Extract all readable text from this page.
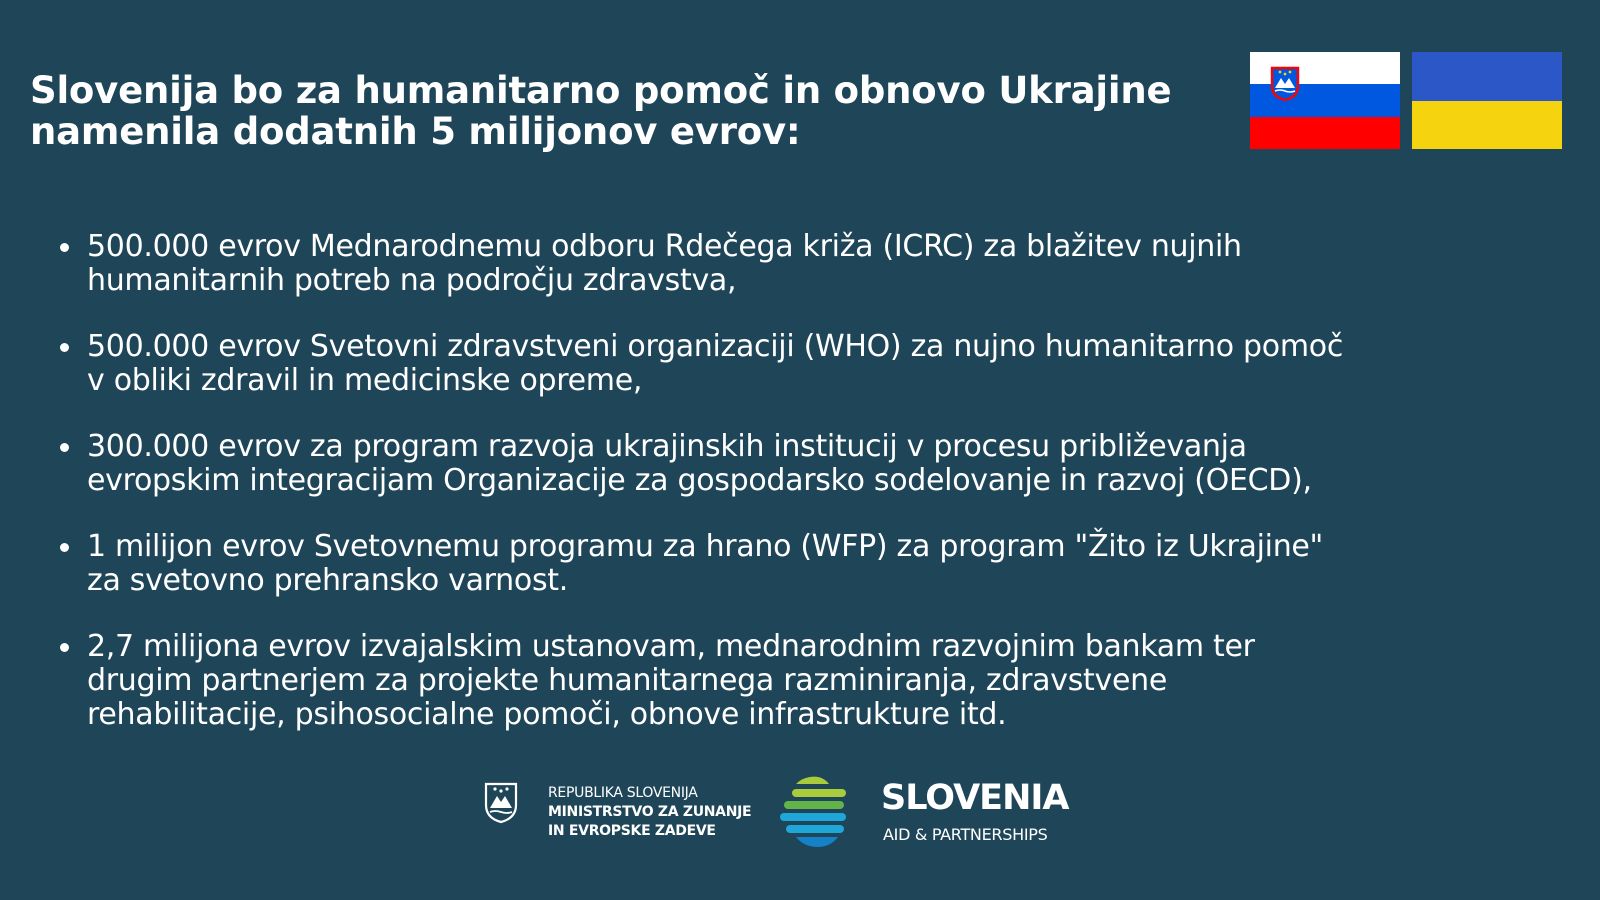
Slovenija bo za humanitarno pomoč in obnovo Ukrajine
namenila dodatnih 5 milijonov evrov:
500.000 evrov Mednarodnemu odboru Rdečega križa (ICRC) za blažitev nujnih
humanitarnih potreb na področju zdravstva,
500.000 evrov Svetovni zdravstveni organizaciji (WHO) za nujno humanitarno pomoč
v obliki zdravil in medicinske opreme,
300.000 evrov za program razvoja ukrajinskih institucij v procesu približevanja
evropskim integracijam Organizacije za gospodarsko sodelovanje in razvoj (OECD),
1 milijon evrov Svetovnemu programu za hrano (WFP) za program "Žito iz Ukrajine"
za svetovno prehransko varnost.
2,7 milijona evrov izvajalskim ustanovam, mednarodnim razvojnim bankam ter
drugim partnerjem za projekte humanitarnega razminiranja, zdravstvene
rehabilitacije, psihosocialne pomoči, obnove infrastrukture itd.
REPUBLIKA SLOVENIJA
MINISTRSTVO ZA ZUNANJE
IN EVROPSKE ZADEVE
SLOVENIA
AID & PARTNERSHIPS
